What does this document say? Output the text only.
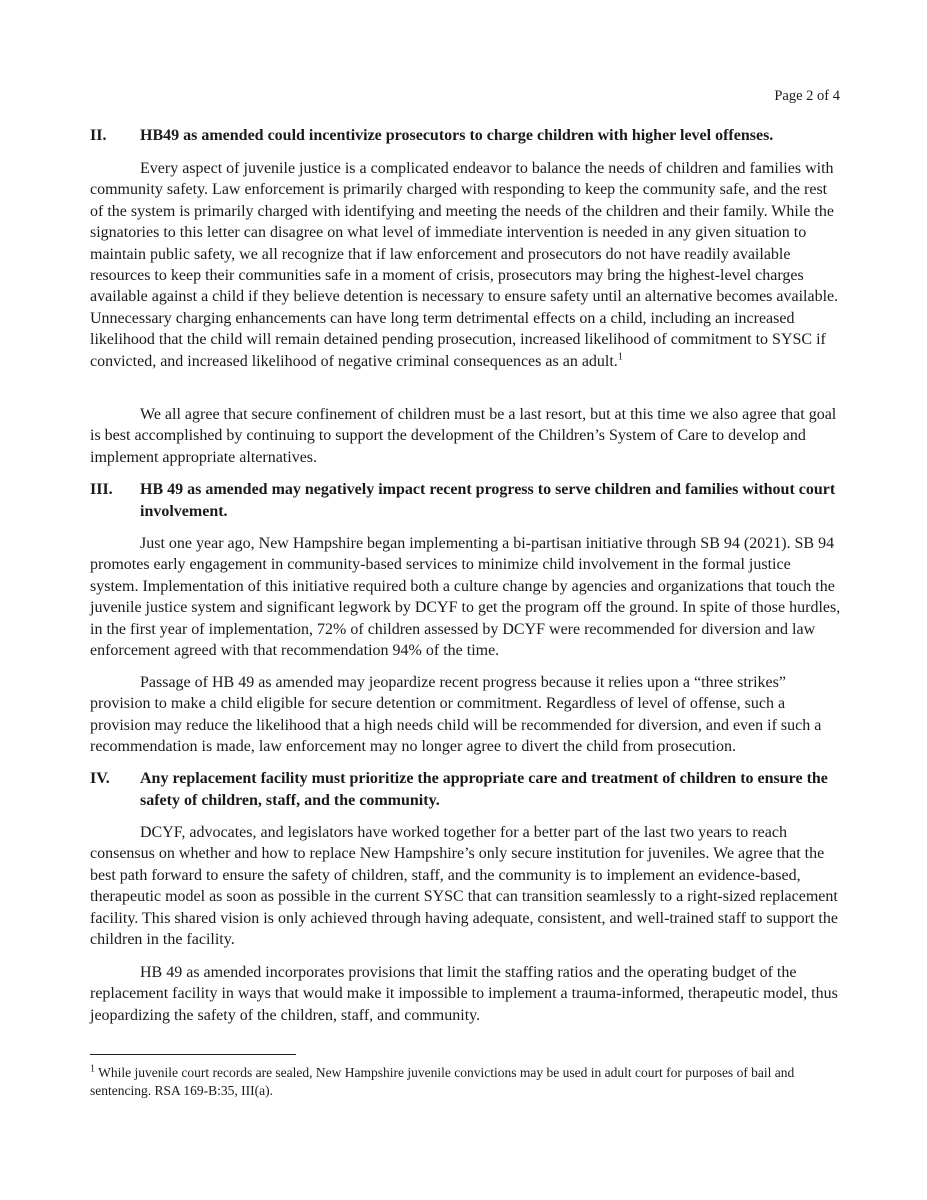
Page 2 of 4
II. HB49 as amended could incentivize prosecutors to charge children with higher level offenses.

Every aspect of juvenile justice is a complicated endeavor to balance the needs of children and families with community safety. Law enforcement is primarily charged with responding to keep the community safe, and the rest of the system is primarily charged with identifying and meeting the needs of the children and their family. While the signatories to this letter can disagree on what level of immediate intervention is needed in any given situation to maintain public safety, we all recognize that if law enforcement and prosecutors do not have readily available resources to keep their communities safe in a moment of crisis, prosecutors may bring the highest-level charges available against a child if they believe detention is necessary to ensure safety until an alternative becomes available. Unnecessary charging enhancements can have long term detrimental effects on a child, including an increased likelihood that the child will remain detained pending prosecution, increased likelihood of commitment to SYSC if convicted, and increased likelihood of negative criminal consequences as an adult.$^1$

We all agree that secure confinement of children must be a last resort, but at this time we also agree that goal is best accomplished by continuing to support the development of the Children’s System of Care to develop and implement appropriate alternatives.

III. HB 49 as amended may negatively impact recent progress to serve children and families without court involvement.

Just one year ago, New Hampshire began implementing a bi-partisan initiative through SB 94 (2021). SB 94 promotes early engagement in community-based services to minimize child involvement in the formal justice system. Implementation of this initiative required both a culture change by agencies and organizations that touch the juvenile justice system and significant legwork by DCYF to get the program off the ground. In spite of those hurdles, in the first year of implementation, 72% of children assessed by DCYF were recommended for diversion and law enforcement agreed with that recommendation 94% of the time.

Passage of HB 49 as amended may jeopardize recent progress because it relies upon a “three strikes” provision to make a child eligible for secure detention or commitment. Regardless of level of offense, such a provision may reduce the likelihood that a high needs child will be recommended for diversion, and even if such a recommendation is made, law enforcement may no longer agree to divert the child from prosecution.

IV. Any replacement facility must prioritize the appropriate care and treatment of children to ensure the safety of children, staff, and the community.

DCYF, advocates, and legislators have worked together for a better part of the last two years to reach consensus on whether and how to replace New Hampshire’s only secure institution for juveniles. We agree that the best path forward to ensure the safety of children, staff, and the community is to implement an evidence-based, therapeutic model as soon as possible in the current SYSC that can transition seamlessly to a right-sized replacement facility. This shared vision is only achieved through having adequate, consistent, and well-trained staff to support the children in the facility.

HB 49 as amended incorporates provisions that limit the staffing ratios and the operating budget of the replacement facility in ways that would make it impossible to implement a trauma-informed, therapeutic model, thus jeopardizing the safety of the children, staff, and community.

$^1$ While juvenile court records are sealed, New Hampshire juvenile convictions may be used in adult court for purposes of bail and sentencing. RSA 169-B:35, III(a).
